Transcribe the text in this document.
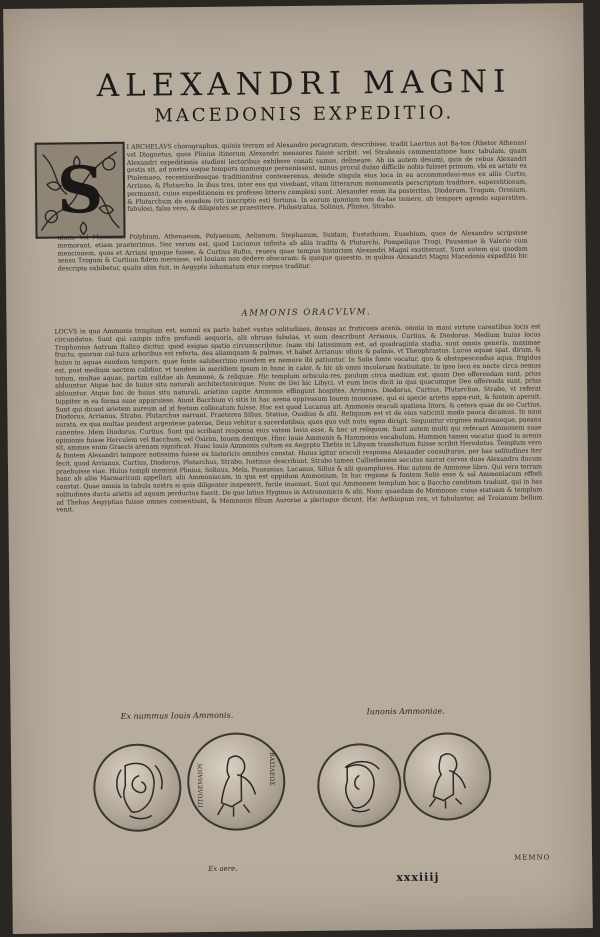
ALEXANDRI MAGNI
MACEDONIS EXPEDITIO.
S
I ARCHELAVS chorographus, quiuis terram ad Alexandro peragratam, describisse, tradit Laertius aut Ba-ton (Rhetor Athenas) vel Diognetus, quos Plinius itinerum Alexandri mensores fuisse scribit: vel Strabonis commentatione hanc tabulam, quam Alexandri expeditionis studiosi lectoribus exhibere conati sumus, delineare. Ab iis autem desumi, quin de rebus Alexandri gestis sit, ad nostra usque tempora manusque peruenissent, minus procul dubio difficile nobis fuisset primum, vbi ex aetate ex Ptolemaeo, recentioribusque traditionibus contexerenus, deinde singula eius loca in ea accommodaui-mus ex aliis Curtio, Arriano, & Plutarcho. In ibus tres, inter eos qui vivebant, vitam litterarum monumentis perscriptam traditore, superstitiosum, permansit, cuius expeditionem ex professo litteris complexi sunt. Alexander enim ita posteritas, Diodorum, Trogum, Orosium, & Plutarchum de eiusdem (vti inscriptio est) fortuna. In eorum quoniam non da-tae temere, ab tempore agendo superstites, fabulosi, falsa vero, & diligentes se praestitere. Philostratus, Solinus, Plinius, Strabo.
nium. Vel Maximum, Polybium, Athenaeum, Polyaenum, Aelianum, Stephanum, Suidam, Eustathium, Eusebium, quos de Alexandro scripsisse memorant, etiam praeterimus. Nec verum est, quod Lucianus infinita ab aliis tradita & Plutarchi, Pompeiique Trogi, Pausaniae & Valerio cum mencionem, quos et Arriani quoque fuisse, & Curtius Rufus, reuera quae tempus historiam Alexandri Magni exstiterunt. Sunt autem qui quodam sensu Trogum & Curtium fidem meruisse, vel Iouiam non dedere obscuram: & quoque quaestio, in quibus Alexandri Magni Macedonis expeditio hic descripta exhibetur, qualis olim fuit, in Aegypto inhumatum eius corpus traditur.
AMMONIS ORACVLVM.
LOCVS in quo Ammonis templum est, summi ex parte habet vastas solitudines, densas ac fruticosis arenis, omnia in mani virtute carentibus locis est circundatus. Sunt qui campis infra profundi aequoris, alii obruas fabulas, vt eum describunt Arrianus, Curtius, & Diodorus. Medium huius locus Trophonius Antrum Italico dicitur, quod exiguo spatio circumscribitur. (nam vbi latissimum est, ad quadraginta stadia, sunt omnis generis, maximae fructu, quorum cul-tura arboribus est referta, dea aliamquam & palmas, vt habet Arrianus: oliuis & palmis, vt Theophrastus. Lucus aquae spat. dirum, & huius in aquas eundem tempore, quae fonte saluberrimo eiusdem ex nemore ibi patiuntur. In Solis fonte vocatur, quo & obstupescendus aqua, frigidus est, post medium noctem calidior, vt tandem in meridiem ipsum in hunc in calor, & hic ab omni incolarum festiuitate. In ipso loco ex nocte circa nemus totum, multae aquae, partim calidae ab Ammone, & reliquae. Hic templum orbicula-res, paulum circa medium est, quam Deo offerendam sunt, prius abluuntur. Atque hoc de huius situ naturali architectonicoque. Nunc de Dei hic Libyci, vt eum locis dicit in qua quacumque Deo offerenda sunt, prius abluuntur. Atque hoc de huius situ naturali, arietino capite Ammonis effingunt hospites. Arrianus, Diodorus, Curtius, Plutarchus, Strabo, vt referat Iuppiter in ea forma suae apparuisse. Aiunt Bacchum vi sitis in hac arena oppressum Iouem inuocasse, qui ei specie arietis appa-ruit, & fontem aperuit. Sunt qui dicant arietem aureum ad id festum collocatum fuisse. Hoc est quod Lucanus ait. Ammonis oraculi spatiosa litora, & cetera quae de eo Curtius, Diodorus, Arrianus, Strabo, Plutarchus narrant. Praeterea Silius, Statius, Ouidius & alii. Reliquum est vt de eius vaticinii modo pauca dicamus. In naui aurata, ex qua multae pendent argenteae paterae, Deus vehitur a sacerdotibus, quos quo vult nutu signo dirigit. Sequuntur virgines matronaeque, paeana canentes. Idem Diodorus, Curtius. Sunt qui scribant responsa eius vatem Iovis esse, & hoc ut reliquum. Sunt autem multi qui referant Ammonem suae opinionis fuisse Herculem vel Bacchum, vel Osirim, Iouem denique. Hinc Iouis Ammonis & Hammonis vocabulum. Hammon tamen vocatur quod in arenis sit, ammos enim Graecis arenam significat. Hunc Iouis Ammonis cultum ex Aegypto Thebis in Libyam transfertum fuisse scribit Herodotus. Templum vero & fontem Alexandri tempore notissima fuisse ex historicis omnibus constat. Huius igitur oraculi responsa Alexander consulturus, per has solitudines iter fecit, quod Arrianus, Curtius, Diodorus, Plutarchus, Strabo, Iustinus describunt. Strabo tamen Callisthenem secutus narrat corvos duos Alexandro ducum praebuisse viae. Huius templi meminit Plinius, Solinus, Mela, Pausanias, Lucanus, Silius & alii quamplures. Hoc autem de Ammone libro. Qui vero terram hanc ab aliis Marmaricam appellari, alii Ammoniacam, in qua est oppidum Ammonium. In hac regione & fontem Solis esse & sal Ammoniacum effodi constat. Quae omnia in tabula nostra si quis diligenter inspexerit, facile inueniet. Sunt qui Ammonem templum hoc a Baccho conditum tradunt, qui in has solitudines ductu arietis ad aquam perductus fuerit. De quo latius Hyginus in Astronomicis & alii. Nunc quaedam de Memnone: cuius statuam & templum ad Thebas Aegyptias fuisse omnes consentiunt, & Memnonis filium Aurorae a plerisque dicunt. Hic Aethiopum rex, vt fabulantur, ad Troianum bellum venit.
Ex nummus Iouis Ammonis.	Iunonis Ammoniae.
ΠΤΟΛΕΜΑΙΟΥ	ΒΑΣΙΛΕΩΣ
Ex aere.
MEMNO
xxxiiij
